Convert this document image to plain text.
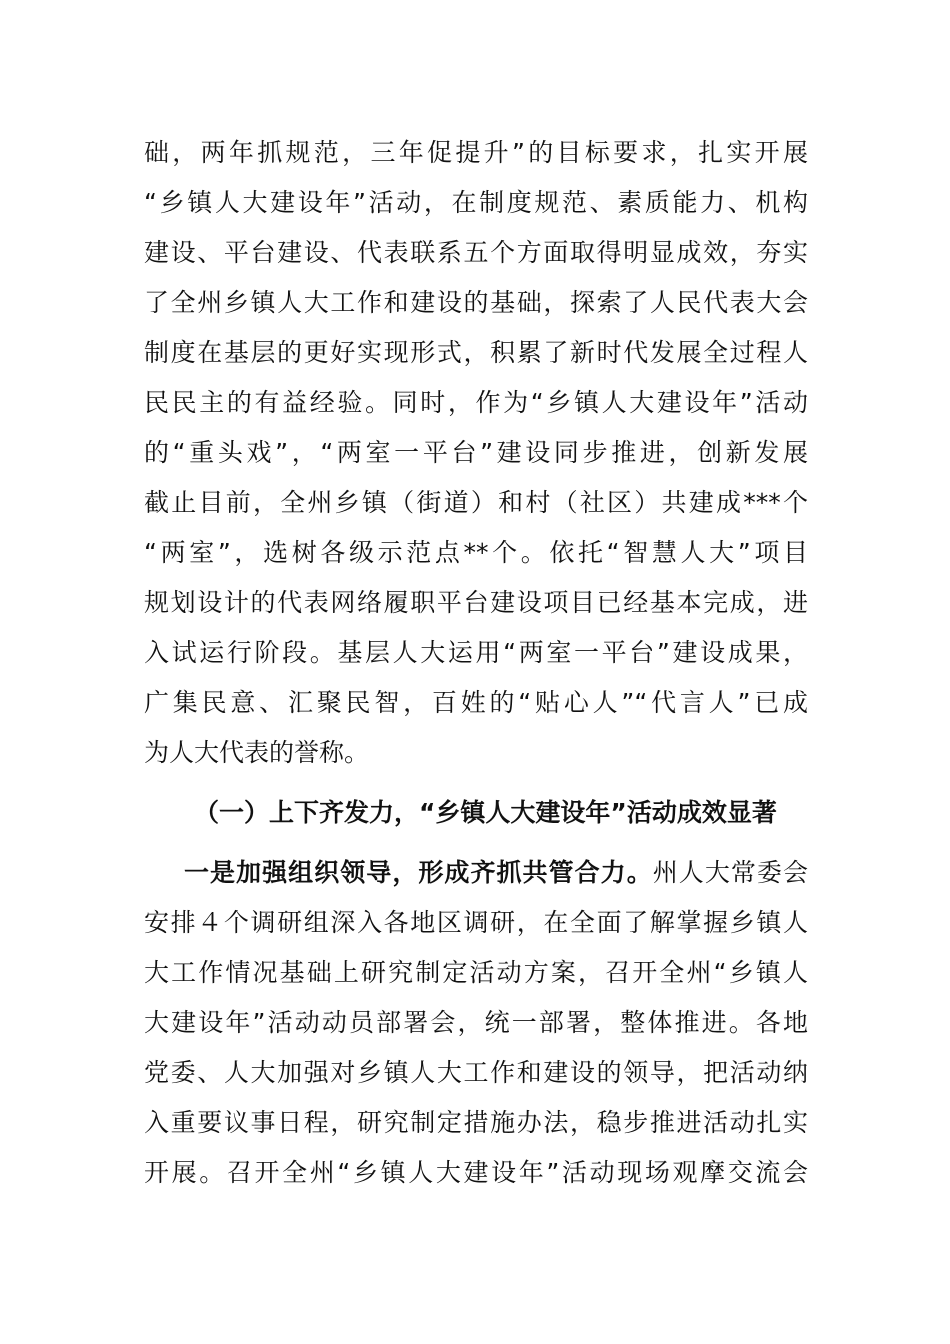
础，两年抓规范，三年促提升”的目标要求，扎实开展
“乡镇人大建设年”活动，在制度规范、素质能力、机构
建设、平台建设、代表联系五个方面取得明显成效，夯实
了全州乡镇人大工作和建设的基础，探索了人民代表大会
制度在基层的更好实现形式，积累了新时代发展全过程人
民民主的有益经验。同时，作为“乡镇人大建设年”活动
的“重头戏”，“两室一平台”建设同步推进，创新发展
截止目前，全州乡镇（街道）和村（社区）共建成***个
“两室”，选树各级示范点**个。依托“智慧人大”项目
规划设计的代表网络履职平台建设项目已经基本完成，进
入试运行阶段。基层人大运用“两室一平台”建设成果，
广集民意、汇聚民智，百姓的“贴心人”“代言人”已成
为人大代表的誉称。
（一）上下齐发力，“乡镇人大建设年”活动成效显著
一是加强组织领导，形成齐抓共管合力。州人大常委会
安排４个调研组深入各地区调研，在全面了解掌握乡镇人
大工作情况基础上研究制定活动方案，召开全州“乡镇人
大建设年”活动动员部署会，统一部署，整体推进。各地
党委、人大加强对乡镇人大工作和建设的领导，把活动纳
入重要议事日程，研究制定措施办法，稳步推进活动扎实
开展。召开全州“乡镇人大建设年”活动现场观摩交流会
